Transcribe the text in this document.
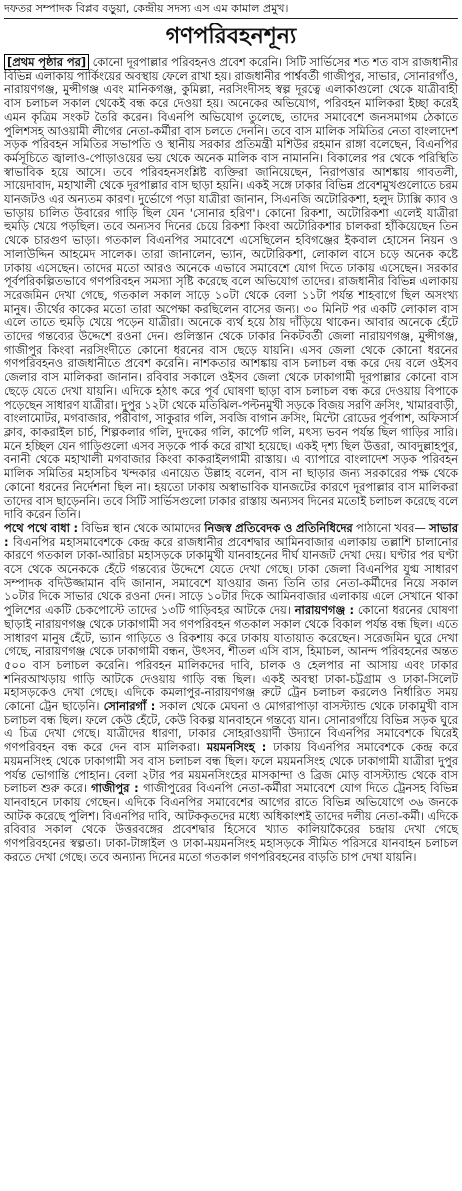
দফতর সম্পাদক বিপ্লব বড়ুয়া, কেন্দ্রীয় সদস্য এস এম কামাল প্রমুখ।
গণপরিবহনশূন্য

[প্রথম পৃষ্ঠার পর] কোনো দূরপাল্লার পরিবহনও প্রবেশ করেনি। সিটি সার্ভিসের শত শত বাস রাজধানীর বিভিন্ন এলাকায় পার্কিংয়ের অবস্থায় ফেলে রাখা হয়। রাজধানীর পার্শ্ববর্তী গাজীপুর, সাভার, সোনারগাঁও, নারায়ণগঞ্জ, মুন্সীগঞ্জ এবং মানিকগঞ্জ, কুমিল্লা, নরসিংদীসহ স্বল্প দূরত্বে এলাকাগুলো থেকে যাত্রীবাহী বাস চলাচল সকাল থেকেই বন্ধ করে দেওয়া হয়। অনেকের অভিযোগ, পরিবহন মালিকরা ইচ্ছা করেই এমন কৃত্রিম সংকট তৈরি করেন। বিএনপি অভিযোগ তুলেছে, তাদের সমাবেশে জনসমাগম ঠেকাতে পুলিশসহ আওয়ামী লীগের নেতা-কর্মীরা বাস চলতে দেননি। তবে বাস মালিক সমিতির নেতা বাংলাদেশ সড়ক পরিবহন সমিতির সভাপতি ও স্থানীয় সরকার প্রতিমন্ত্রী মশিউর রহমান রাঙ্গা বলেছেন, বিএনপির কর্মসূচিতে জ্বালাও-পোড়াওয়ের ভয় থেকে অনেক মালিক বাস নামাননি। বিকালের পর থেকে পরিস্থিতি স্বাভাবিক হয়ে আসে। তবে পরিবহনসংশ্লিষ্ট ব্যক্তিরা জানিয়েছেন, নিরাপত্তার আশঙ্কায় গাবতলী, সায়েদাবাদ, মহাখালী থেকে দূরপাল্লার বাস ছাড়া হয়নি। একই সঙ্গে ঢাকার বিভিন্ন প্রবেশমুখগুলোতে চরম যানজটও এর অন্যতম কারণ। দুর্ভোগে পড়া যাত্রীরা জানান, সিএনজি অটোরিকশা, হলুদ ট্যাক্সি ক্যাব ও ভাড়ায় চালিত উবারের গাড়ি ছিল যেন 'সোনার হরিণ'। কোনো রিকশা, অটোরিকশা এলেই যাত্রীরা হুমড়ি খেয়ে পড়ছিল। তবে অন্যসব দিনের চেয়ে রিকশা কিংবা অটোরিকশার চালকরা হাঁকিয়েছেন তিন থেকে চারগুণ ভাড়া। গতকাল বিএনপির সমাবেশে এসেছিলেন হবিগঞ্জের ইকবাল হোসেন নিয়ন ও সালাউদ্দিন আহমেদ সালেক। তারা জানালেন, ভ্যান, অটোরিকশা, লোকাল বাসে চড়ে অনেক কষ্টে ঢাকায় এসেছেন। তাদের মতো আরও অনেকে এভাবে সমাবেশে যোগ দিতে ঢাকায় এসেছেন। সরকার পূর্বপরিকল্পিতভাবে গণপরিবহন সমস্যা সৃষ্টি করেছে বলে অভিযোগ তাদের। রাজধানীর বিভিন্ন এলাকায় সরেজমিন দেখা গেছে, গতকাল সকাল সাড়ে ১০টা থেকে বেলা ১১টা পর্যন্ত শাহবাগে ছিল অসংখ্য মানুষ। তীর্থের কাকের মতো তারা অপেক্ষা করছিলেন বাসের জন্য। ৩০ মিনিট পর একটি লোকাল বাস এলে তাতে হুমড়ি খেয়ে পড়েন যাত্রীরা। অনেকে ব্যর্থ হয়ে ঠায় দাঁড়িয়ে থাকেন। আবার অনেকে হেঁটে তাদের গন্তব্যের উদ্দেশে রওনা দেন। গুলিস্তান থেকে ঢাকার নিকটবর্তী জেলা নারায়ণগঞ্জ, মুন্সীগঞ্জ, গাজীপুর কিংবা নরসিংদীতে কোনো ধরনের বাস ছেড়ে যায়নি। এসব জেলা থেকে কোনো ধরনের গণপরিবহনও রাজধানীতে প্রবেশ করেনি। নাশকতার আশঙ্কায় বাস চলাচল বন্ধ করে দেয় বলে ওইসব জেলার বাস মালিকরা জানান। রবিবার সকালে ওইসব জেলা থেকে ঢাকাগামী দূরপাল্লার কোনো বাস ছেড়ে যেতে দেখা যায়নি। এদিকে হঠাৎ করে পূর্ব ঘোষণা ছাড়া বাস চলাচল বন্ধ করে দেওয়ায় বিপাকে পড়েছেন সাধারণ যাত্রীরা। দুপুর ১২টা থেকে মতিঝিল-পল্টনমুখী সড়কে বিজয় সরণি ক্রসিং, খামারবাড়ী, বাংলামোটর, মগবাজার, পরীবাগ, সাকুরার গলি, সবজি বাগান ক্রসিং, মিন্টো রোডের পূর্বপাশ, অফিসার্স ক্লাব, কাকরাইল চার্চ, শিল্পকলার গলি, দুদকের গলি, কার্পেট গলি, মৎস্য ভবন পর্যন্ত ছিল গাড়ির সারি। মনে হচ্ছিল যেন গাড়িগুলো এসব সড়কে পার্ক করে রাখা হয়েছে। একই দৃশ্য ছিল উত্তরা, আবদুল্লাহপুর, বনানী থেকে মহাখালী মগবাজার কিংবা কাকরাইলগামী রাস্তায়। এ ব্যাপারে বাংলাদেশ সড়ক পরিবহন মালিক সমিতির মহাসচিব খন্দকার এনায়েত উল্লাহ বলেন, বাস না ছাড়ার জন্য সরকারের পক্ষ থেকে কোনো ধরনের নির্দেশনা ছিল না। হয়তো ঢাকায় অস্বাভাবিক যানজটের কারণে দূরপাল্লার বাস মালিকরা তাদের বাস ছাড়েননি। তবে সিটি সার্ভিসগুলো ঢাকার রাস্তায় অন্যসব দিনের মতোই চলাচল করেছে বলে দাবি করেন তিনি।

পথে পথে বাধা : বিভিন্ন স্থান থেকে আমাদের নিজস্ব প্রতিবেদক ও প্রতিনিধিদের পাঠানো খবর— সাভার : বিএনপির মহাসমাবেশকে কেন্দ্র করে রাজধানীর প্রবেশদ্বার আমিনবাজার এলাকায় তল্লাশি চালানোর কারণে গতকাল ঢাকা-আরিচা মহাসড়কে ঢাকামুখী যানবাহনের দীর্ঘ যানজট দেখা দেয়। ঘণ্টার পর ঘণ্টা বসে থেকে অনেককে হেঁটে গন্তব্যের উদ্দেশে যেতে দেখা গেছে। ঢাকা জেলা বিএনপির যুগ্ম সাধারণ সম্পাদক বদিউজ্জামান বদি জানান, সমাবেশে যাওয়ার জন্য তিনি তার নেতা-কর্মীদের নিয়ে সকাল ১০টার দিকে সাভার থেকে রওনা দেন। সাড়ে ১০টার দিকে আমিনবাজার এলাকায় এলে সেখানে থাকা পুলিশের একটি চেকপোস্টে তাদের ১৩টি গাড়িবহর আটকে দেয়। নারায়ণগঞ্জ : কোনো ধরনের ঘোষণা ছাড়াই নারায়ণগঞ্জ থেকে ঢাকাগামী সব গণপরিবহন গতকাল সকাল থেকে বিকাল পর্যন্ত বন্ধ ছিল। এতে সাধারণ মানুষ হেঁটে, ভ্যান গাড়িতে ও রিকশায় করে ঢাকায় যাতায়াত করেছেন। সরেজমিন ঘুরে দেখা গেছে, নারায়ণগঞ্জ থেকে ঢাকাগামী বন্ধন, উৎসব, শীতল এসি বাস, হিমাচল, আনন্দ পরিবহনের অন্তত ৫০০ বাস চলাচল করেনি। পরিবহন মালিকদের দাবি, চালক ও হেলপার না আসায় এবং ঢাকার শনিরআখড়ায় গাড়ি আটকে দেওয়ায় গাড়ি বন্ধ ছিল। একই অবস্থা ঢাকা-চট্টগ্রাম ও ঢাকা-সিলেট মহাসড়কেও দেখা গেছে। এদিকে কমলাপুর-নারায়ণগঞ্জ রুটে ট্রেন চলাচল করলেও নির্ধারিত সময় কোনো ট্রেন ছাড়েনি। সোনারগাঁ : সকাল থেকে মেঘনা ও মোগরাপাড়া বাসস্ট্যান্ড থেকে ঢাকামুখী বাস চলাচল বন্ধ ছিল। ফলে কেউ হেঁটে, কেউ বিকল্প যানবাহনে গন্তব্যে যান। সোনারগাঁয়ে বিভিন্ন সড়ক ঘুরে এ চিত্র দেখা গেছে। যাত্রীদের ধারণা, ঢাকার সোহরাওয়ার্দী উদ্যানে বিএনপির সমাবেশকে ঘিরেই গণপরিবহন বন্ধ করে দেন বাস মালিকরা। ময়মনসিংহ : ঢাকায় বিএনপির সমাবেশকে কেন্দ্র করে ময়মনসিংহ থেকে ঢাকাগামী সব বাস চলাচল বন্ধ ছিল। ফলে ময়মনসিংহ থেকে ঢাকাগামী যাত্রীরা দুপুর পর্যন্ত ভোগান্তি পোহান। বেলা ২টার পর ময়মনসিংহের মাসকান্দা ও ব্রিজ মোড় বাসস্ট্যান্ড থেকে বাস চলাচল শুরু করে। গাজীপুর : গাজীপুরের বিএনপি নেতা-কর্মীরা সমাবেশে যোগ দিতে ট্রেনসহ বিভিন্ন যানবাহনে ঢাকায় গেছেন। এদিকে বিএনপির সমাবেশের আগের রাতে বিভিন্ন অভিযোগে ৩৬ জনকে আটক করেছে পুলিশ। বিএনপির দাবি, আটককৃতদের মধ্যে অধিকাংশই তাদের দলীয় নেতা-কর্মী। এদিকে রবিবার সকাল থেকে উত্তরবঙ্গের প্রবেশদ্বার হিসেবে খ্যাত কালিয়াকৈরের চন্দ্রায় দেখা গেছে গণপরিবহনের স্বল্পতা। ঢাকা-টাঙ্গাইল ও ঢাকা-ময়মনসিংহ মহাসড়কে সীমিত পরিসরে যানবাহন চলাচল করতে দেখা গেছে। তবে অন্যান্য দিনের মতো গতকাল গণপরিবহনের বাড়তি চাপ দেখা যায়নি।
